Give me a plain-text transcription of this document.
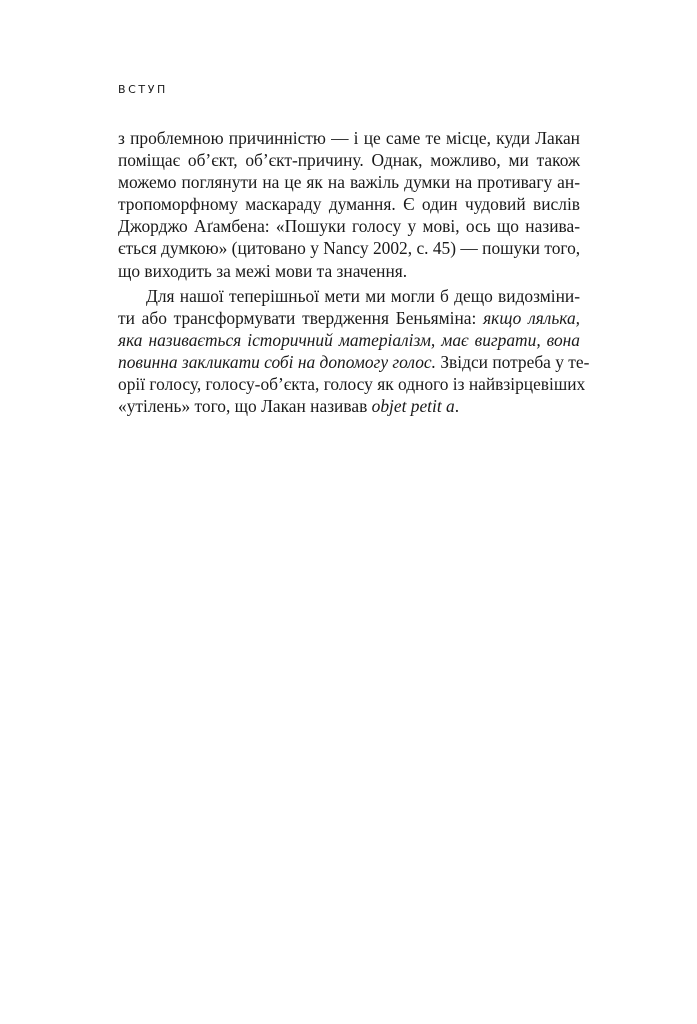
ВСТУП
з проблемною причинністю — і це саме те місце, куди Лакан
поміщає об’єкт, об’єкт-причину. Однак, можливо, ми також
можемо поглянути на це як на важіль думки на противагу ан-
тропоморфному маскараду думання. Є один чудовий вислів
Джорджо Аґамбена: «Пошуки голосу у мові, ось що назива-
ється думкою» (цитовано у Nancy 2002, с. 45) — пошуки того,
що виходить за межі мови та значення.
Для нашої теперішньої мети ми могли б дещо видозміни-
ти або трансформувати твердження Беньяміна: якщо лялька,
яка називається історичний матеріалізм, має виграти, вона
повинна закликати собі на допомогу голос. Звідси потреба у те-
орії голосу, голосу-об’єкта, голосу як одного із найвзірцевіших
«утілень» того, що Лакан називав objet petit a.
